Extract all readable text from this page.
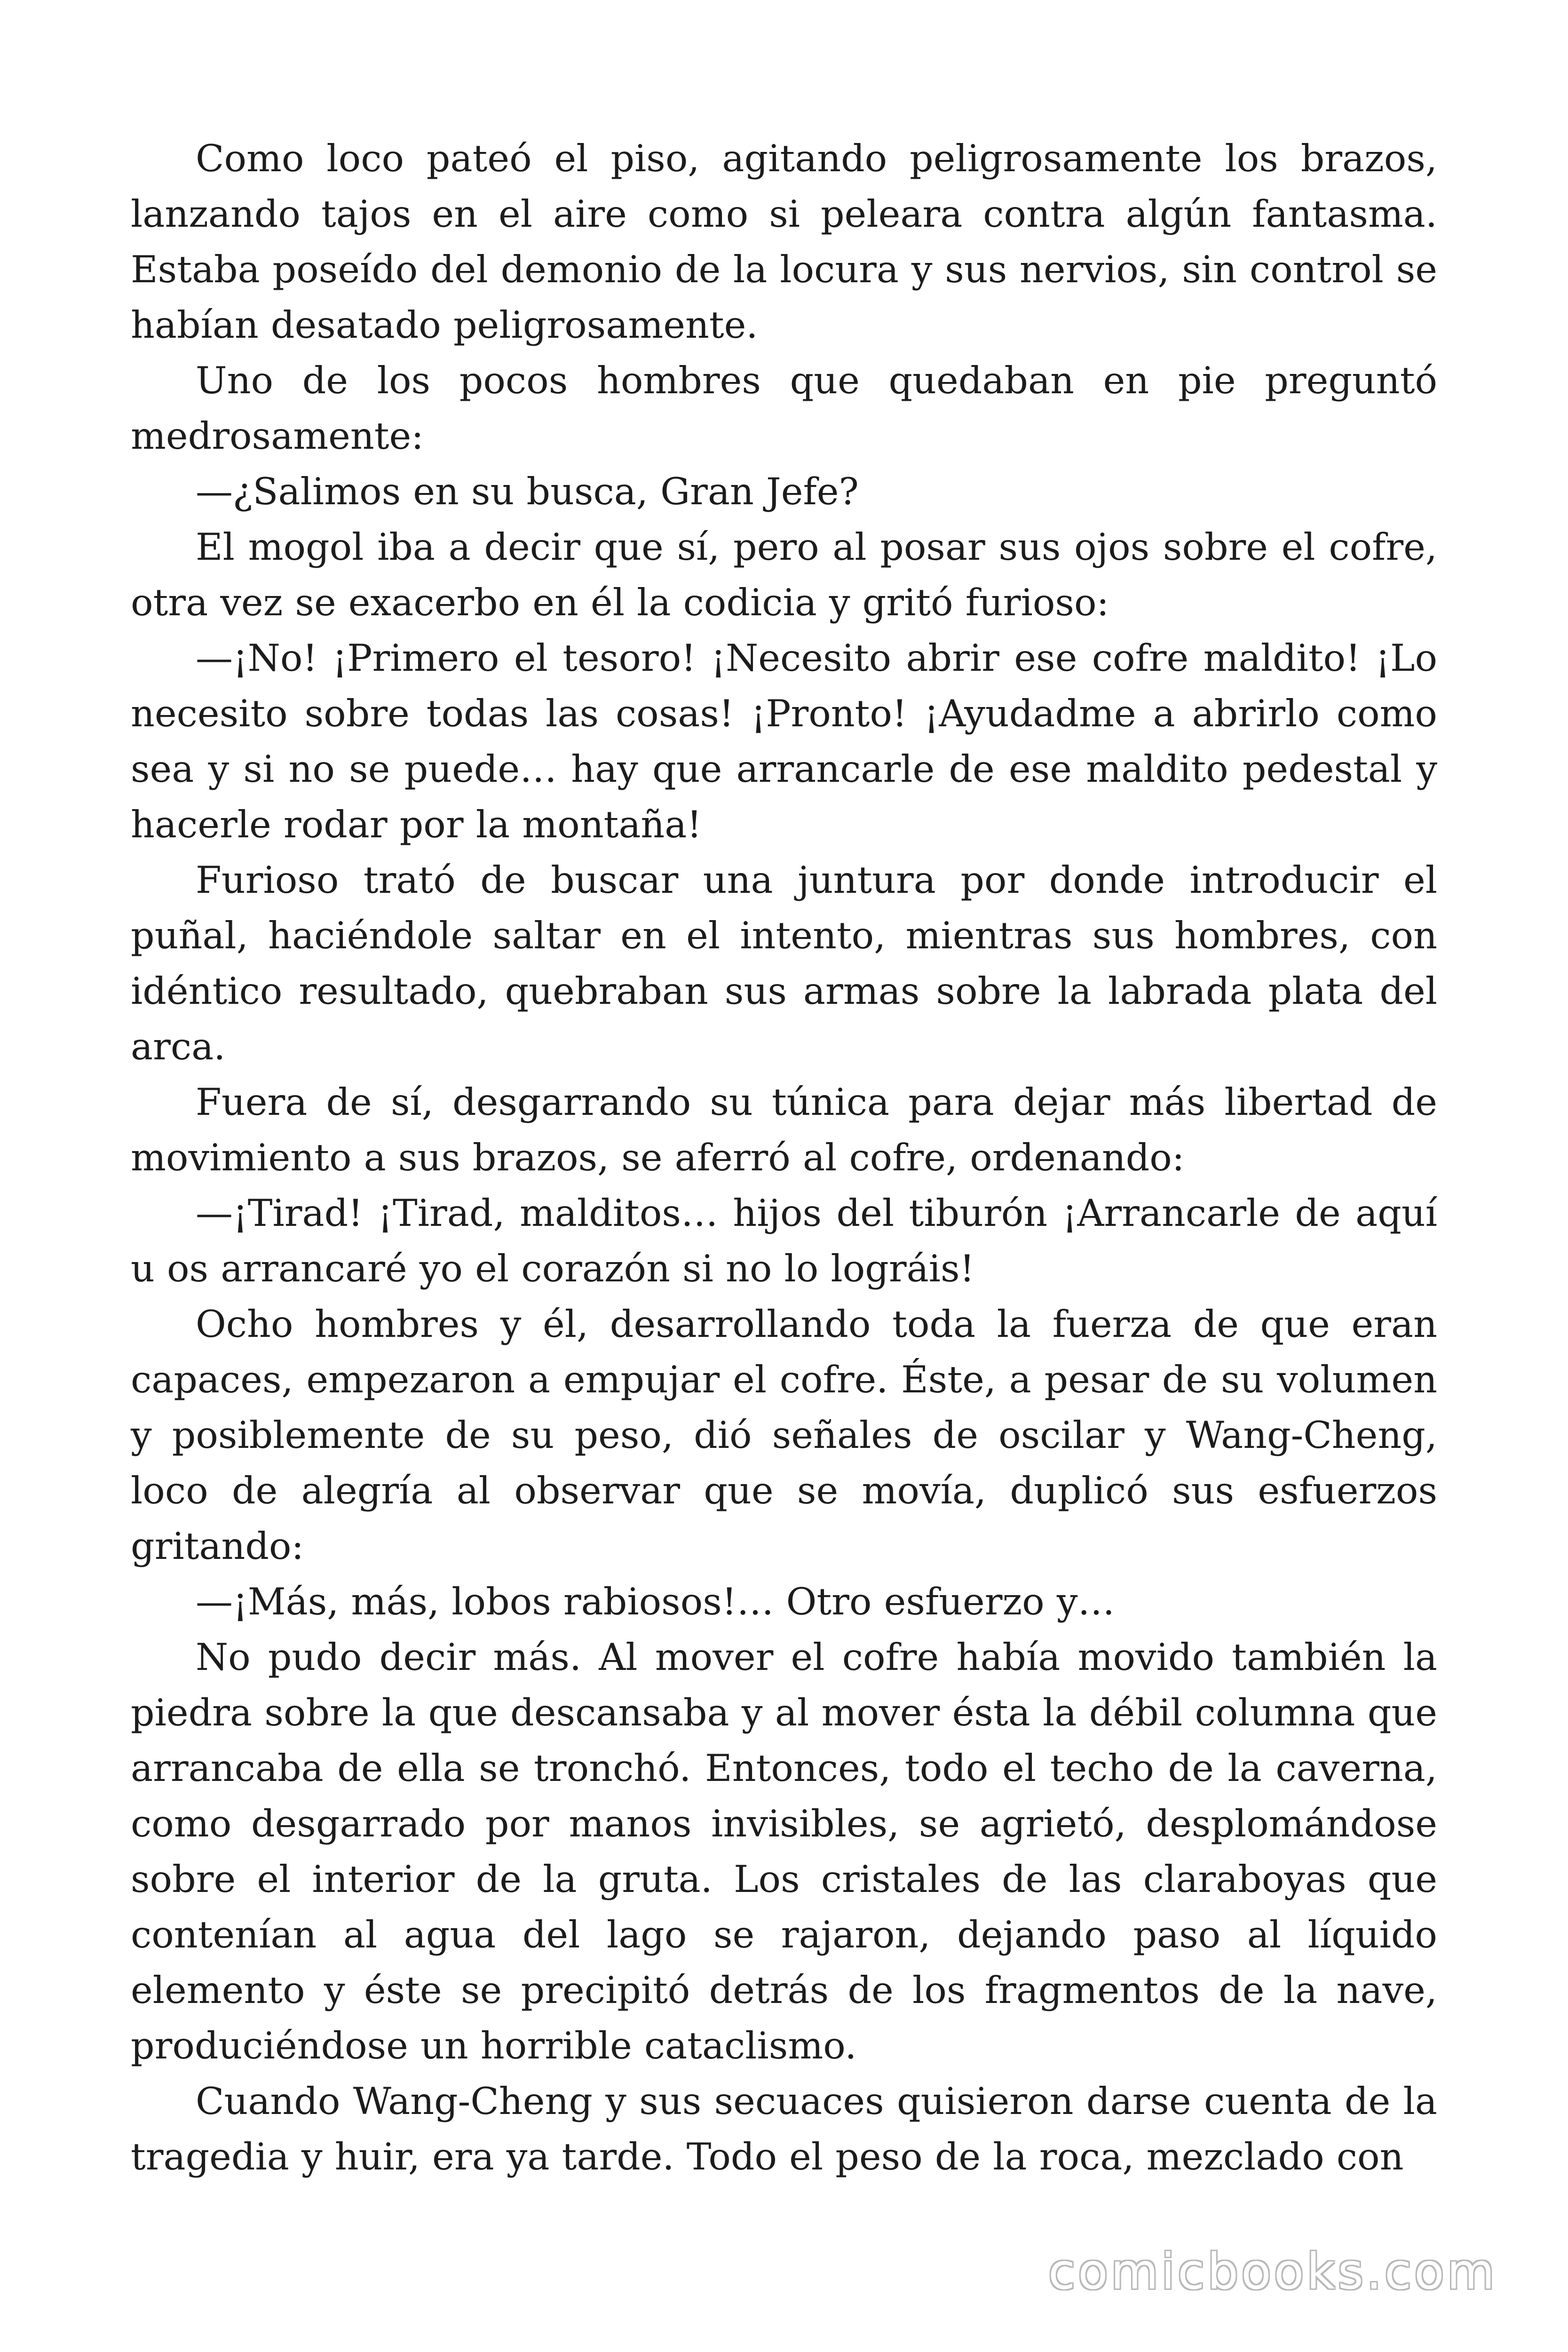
Como loco pateó el piso, agitando peligrosamente los brazos, lanzando tajos en el aire como si peleara contra algún fantasma. Estaba poseído del demonio de la locura y sus nervios, sin control se habían desatado peligrosamente.

Uno de los pocos hombres que quedaban en pie preguntó medrosamente:

—¿Salimos en su busca, Gran Jefe?

El mogol iba a decir que sí, pero al posar sus ojos sobre el cofre, otra vez se exacerbo en él la codicia y gritó furioso:

—¡No! ¡Primero el tesoro! ¡Necesito abrir ese cofre maldito! ¡Lo necesito sobre todas las cosas! ¡Pronto! ¡Ayudadme a abrirlo como sea y si no se puede… hay que arrancarle de ese maldito pedestal y hacerle rodar por la montaña!

Furioso trató de buscar una juntura por donde introducir el puñal, haciéndole saltar en el intento, mientras sus hombres, con idéntico resultado, quebraban sus armas sobre la labrada plata del arca.

Fuera de sí, desgarrando su túnica para dejar más libertad de movimiento a sus brazos, se aferró al cofre, ordenando:

—¡Tirad! ¡Tirad, malditos… hijos del tiburón ¡Arrancarle de aquí u os arrancaré yo el corazón si no lo lográis!

Ocho hombres y él, desarrollando toda la fuerza de que eran capaces, empezaron a empujar el cofre. Éste, a pesar de su volumen y posiblemente de su peso, dió señales de oscilar y Wang-Cheng, loco de alegría al observar que se movía, duplicó sus esfuerzos gritando:

—¡Más, más, lobos rabiosos!… Otro esfuerzo y…

No pudo decir más. Al mover el cofre había movido también la piedra sobre la que descansaba y al mover ésta la débil columna que arrancaba de ella se tronchó. Entonces, todo el techo de la caverna, como desgarrado por manos invisibles, se agrietó, desplomándose sobre el interior de la gruta. Los cristales de las claraboyas que contenían al agua del lago se rajaron, dejando paso al líquido elemento y éste se precipitó detrás de los fragmentos de la nave, produciéndose un horrible cataclismo.

Cuando Wang-Cheng y sus secuaces quisieron darse cuenta de la tragedia y huir, era ya tarde. Todo el peso de la roca, mezclado con

comicbooks.com
